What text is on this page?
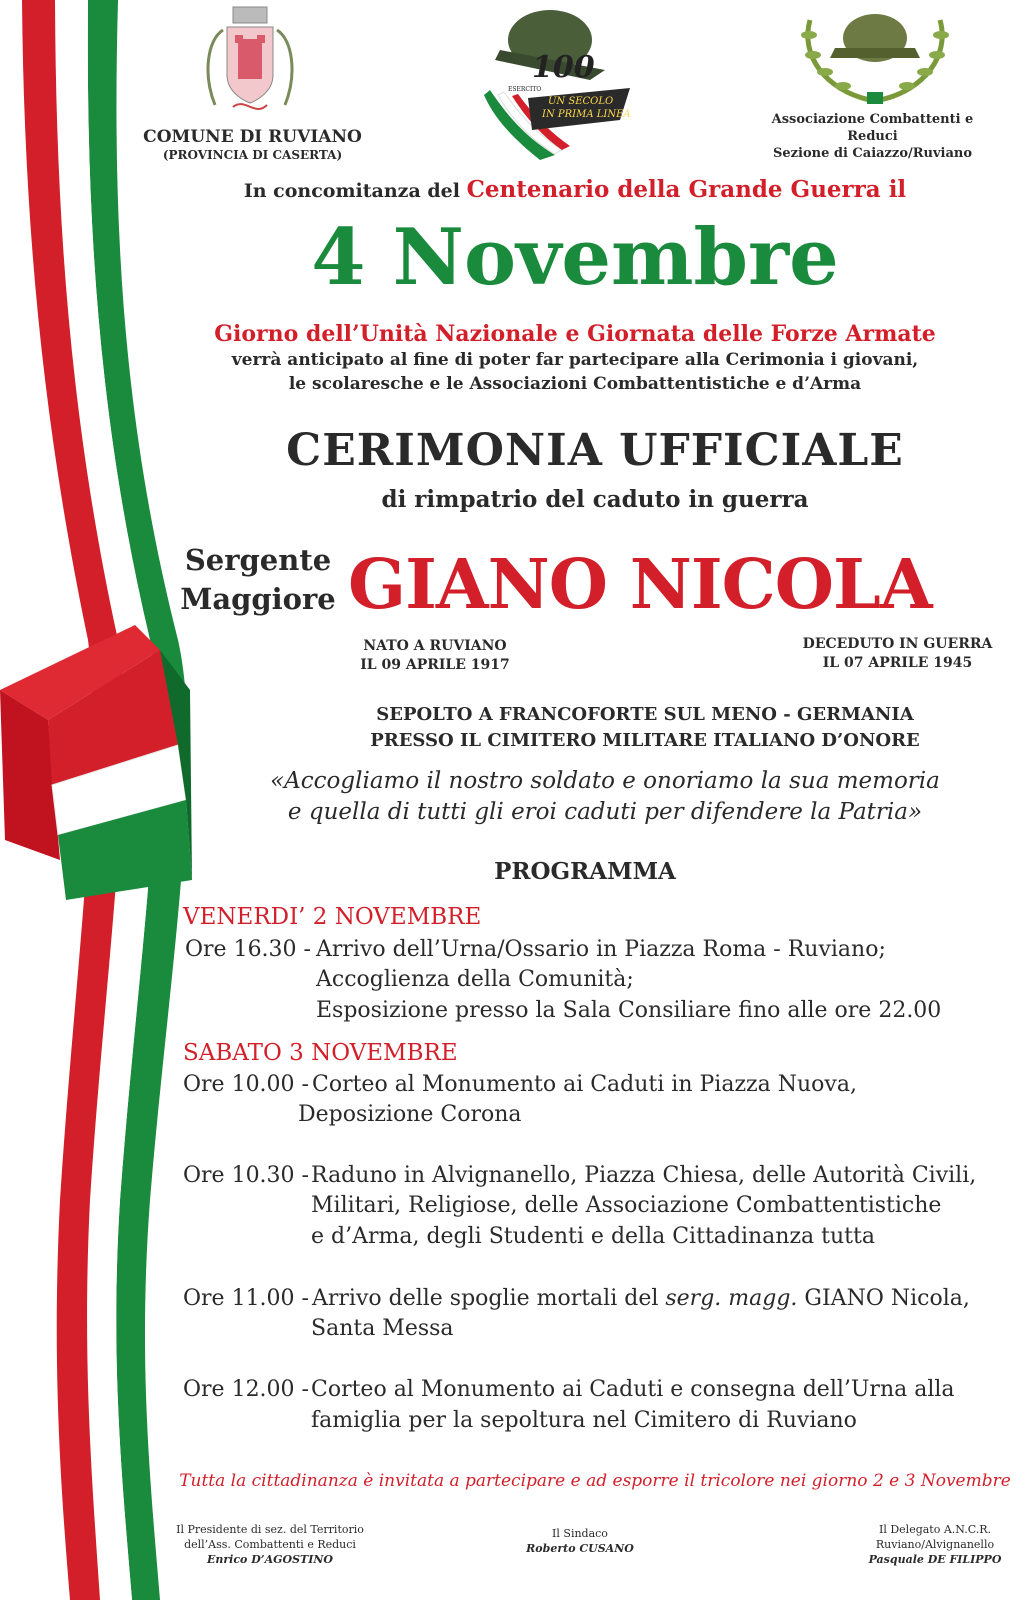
COMUNE DI RUVIANO
(PROVINCIA DI CASERTA)
100
ESERCITO
UN SECOLO
IN PRIMA LINEA	Associazione Combattenti e
Reduci
Sezione di Caiazzo/Ruviano
In concomitanza del Centenario della Grande Guerra il
4 Novembre
Giorno dell’Unità Nazionale e Giornata delle Forze Armate
verrà anticipato al fine di poter far partecipare alla Cerimonia i giovani,
le scolaresche e le Associazioni Combattentistiche e d’Arma
CERIMONIA UFFICIALE
di rimpatrio del caduto in guerra
Sergente
Maggiore GIANO NICOLA
NATO A RUVIANO
IL 09 APRILE 1917
DECEDUTO IN GUERRA
IL 07 APRILE 1945
SEPOLTO A FRANCOFORTE SUL MENO - GERMANIA
PRESSO IL CIMITERO MILITARE ITALIANO D’ONORE
«Accogliamo il nostro soldato e onoriamo la sua memoria
e quella di tutti gli eroi caduti per difendere la Patria»
PROGRAMMA
VENERDI’ 2 NOVEMBRE
Ore 16.30 - Arrivo dell’Urna/Ossario in Piazza Roma - Ruviano;
Accoglienza della Comunità;
Esposizione presso la Sala Consiliare fino alle ore 22.00
SABATO 3 NOVEMBRE
Ore 10.00 - Corteo al Monumento ai Caduti in Piazza Nuova,
Deposizione Corona
Ore 10.30 - Raduno in Alvignanello, Piazza Chiesa, delle Autorità Civili,
Militari, Religiose, delle Associazione Combattentistiche
e d’Arma, degli Studenti e della Cittadinanza tutta
Ore 11.00 - Arrivo delle spoglie mortali del serg. magg. GIANO Nicola,
Santa Messa
Ore 12.00 - Corteo al Monumento ai Caduti e consegna dell’Urna alla
famiglia per la sepoltura nel Cimitero di Ruviano
Tutta la cittadinanza è invitata a partecipare e ad esporre il tricolore nei giorno 2 e 3 Novembre
Il Presidente di sez. del Territorio
dell’Ass. Combattenti e Reduci
Enrico D’AGOSTINO
Il Sindaco
Roberto CUSANO
Il Delegato A.N.C.R.
Ruviano/Alvignanello
Pasquale DE FILIPPO
